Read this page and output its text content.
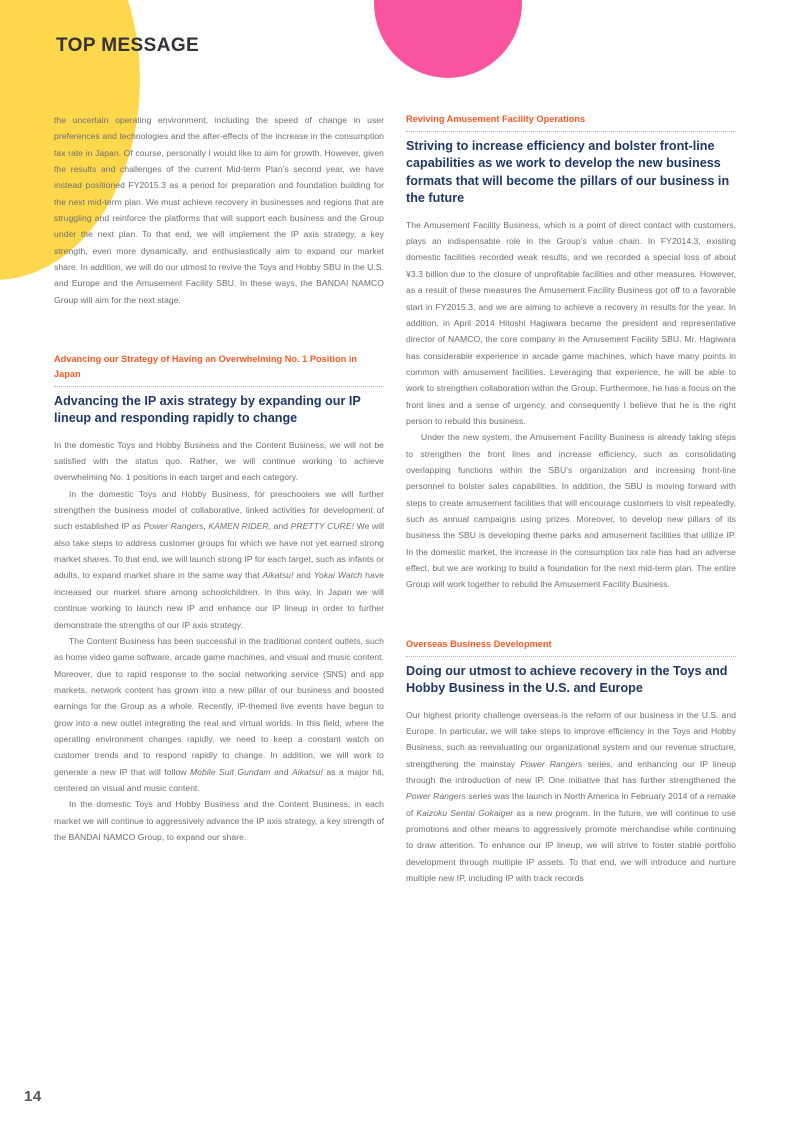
TOP MESSAGE

the uncertain operating environment, including the speed of change in user preferences and technologies and the after-effects of the increase in the consumption tax rate in Japan. Of course, personally I would like to aim for growth. However, given the results and challenges of the current Mid-term Plan’s second year, we have instead positioned FY2015.3 as a period for preparation and foundation building for the next mid-term plan. We must achieve recovery in businesses and regions that are struggling and reinforce the platforms that will support each business and the Group under the next plan. To that end, we will implement the IP axis strategy, a key strength, even more dynamically, and enthusiastically aim to expand our market share. In addition, we will do our utmost to revive the Toys and Hobby SBU in the U.S. and Europe and the Amusement Facility SBU. In these ways, the BANDAI NAMCO Group will aim for the next stage.

Advancing our Strategy of Having an Overwhelming No. 1 Position in Japan

Advancing the IP axis strategy by expanding our IP lineup and responding rapidly to change

In the domestic Toys and Hobby Business and the Content Business, we will not be satisfied with the status quo. Rather, we will continue working to achieve overwhelming No. 1 positions in each target and each category.

In the domestic Toys and Hobby Business, for preschoolers we will further strengthen the business model of collaborative, linked activities for development of such established IP as Power Rangers, KAMEN RIDER, and PRETTY CURE! We will also take steps to address customer groups for which we have not yet earned strong market shares. To that end, we will launch strong IP for each target, such as infants or adults, to expand market share in the same way that Aikatsu! and Yokai Watch have increased our market share among schoolchildren. In this way, in Japan we will continue working to launch new IP and enhance our IP lineup in order to further demonstrate the strengths of our IP axis strategy.

The Content Business has been successful in the traditional content outlets, such as home video game software, arcade game machines, and visual and music content. Moreover, due to rapid response to the social networking service (SNS) and app markets, network content has grown into a new pillar of our business and boosted earnings for the Group as a whole. Recently, IP-themed live events have begun to grow into a new outlet integrating the real and virtual worlds. In this field, where the operating environment changes rapidly, we need to keep a constant watch on customer trends and to respond rapidly to change. In addition, we will work to generate a new IP that will follow Mobile Suit Gundam and Aikatsu! as a major hit, centered on visual and music content.

In the domestic Toys and Hobby Business and the Content Business, in each market we will continue to aggressively advance the IP axis strategy, a key strength of the BANDAI NAMCO Group, to expand our share.

Reviving Amusement Facility Operations

Striving to increase efficiency and bolster front-line capabilities as we work to develop the new business formats that will become the pillars of our business in the future

The Amusement Facility Business, which is a point of direct contact with customers, plays an indispensable role in the Group’s value chain. In FY2014.3, existing domestic facilities recorded weak results, and we recorded a special loss of about ¥3.3 billion due to the closure of unprofitable facilities and other measures. However, as a result of these measures the Amusement Facility Business got off to a favorable start in FY2015.3, and we are aiming to achieve a recovery in results for the year. In addition, in April 2014 Hitoshi Hagiwara became the president and representative director of NAMCO, the core company in the Amusement Facility SBU. Mr. Hagiwara has considerable experience in arcade game machines, which have many points in common with amusement facilities. Leveraging that experience, he will be able to work to strengthen collaboration within the Group. Furthermore, he has a focus on the front lines and a sense of urgency, and consequently I believe that he is the right person to rebuild this business.

Under the new system, the Amusement Facility Business is already taking steps to strengthen the front lines and increase efficiency, such as consolidating overlapping functions within the SBU’s organization and increasing front-line personnel to bolster sales capabilities. In addition, the SBU is moving forward with steps to create amusement facilities that will encourage customers to visit repeatedly, such as annual campaigns using prizes. Moreover, to develop new pillars of its business the SBU is developing theme parks and amusement facilities that utilize IP. In the domestic market, the increase in the consumption tax rate has had an adverse effect, but we are working to build a foundation for the next mid-term plan. The entire Group will work together to rebuild the Amusement Facility Business.

Overseas Business Development

Doing our utmost to achieve recovery in the Toys and Hobby Business in the U.S. and Europe

Our highest priority challenge overseas is the reform of our business in the U.S. and Europe. In particular, we will take steps to improve efficiency in the Toys and Hobby Business, such as reevaluating our organizational system and our revenue structure, strengthening the mainstay Power Rangers series, and enhancing our IP lineup through the introduction of new IP. One initiative that has further strengthened the Power Rangers series was the launch in North America in February 2014 of a remake of Kaizoku Sentai Gokaiger as a new program. In the future, we will continue to use promotions and other means to aggressively promote merchandise while continuing to draw attention. To enhance our IP lineup, we will strive to foster stable portfolio development through multiple IP assets. To that end, we will introduce and nurture multiple new IP, including IP with track records

14
